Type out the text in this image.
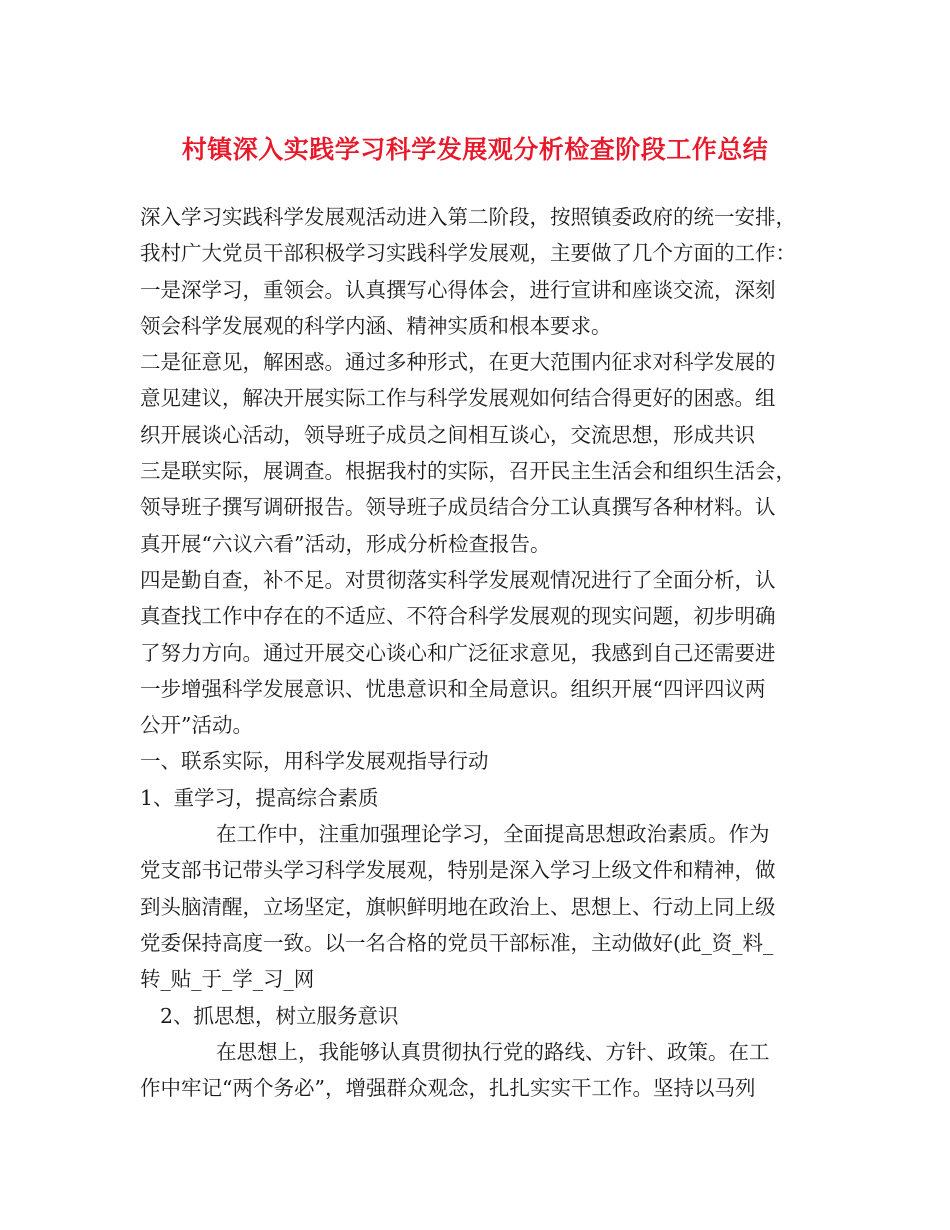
村镇深入实践学习科学发展观分析检查阶段工作总结
深入学习实践科学发展观活动进入第二阶段，按照镇委政府的统一安排，
我村广大党员干部积极学习实践科学发展观，主要做了几个方面的工作：
一是深学习，重领会。认真撰写心得体会，进行宣讲和座谈交流，深刻
领会科学发展观的科学内涵、精神实质和根本要求。
二是征意见，解困惑。通过多种形式，在更大范围内征求对科学发展的
意见建议，解决开展实际工作与科学发展观如何结合得更好的困惑。组
织开展谈心活动，领导班子成员之间相互谈心，交流思想，形成共识
三是联实际，展调查。根据我村的实际，召开民主生活会和组织生活会，
领导班子撰写调研报告。领导班子成员结合分工认真撰写各种材料。认
真开展“六议六看”活动，形成分析检查报告。
四是勤自查，补不足。对贯彻落实科学发展观情况进行了全面分析，认
真查找工作中存在的不适应、不符合科学发展观的现实问题，初步明确
了努力方向。通过开展交心谈心和广泛征求意见，我感到自己还需要进
一步增强科学发展意识、忧患意识和全局意识。组织开展“四评四议两
公开”活动。
一、联系实际，用科学发展观指导行动
1、重学习，提高综合素质
在工作中，注重加强理论学习，全面提高思想政治素质。作为
党支部书记带头学习科学发展观，特别是深入学习上级文件和精神，做
到头脑清醒，立场坚定，旗帜鲜明地在政治上、思想上、行动上同上级
党委保持高度一致。以一名合格的党员干部标准，主动做好(此_资_料_
转_贴_于_学_习_网
2、抓思想，树立服务意识
在思想上，我能够认真贯彻执行党的路线、方针、政策。在工
作中牢记“两个务必”，增强群众观念，扎扎实实干工作。坚持以马列
